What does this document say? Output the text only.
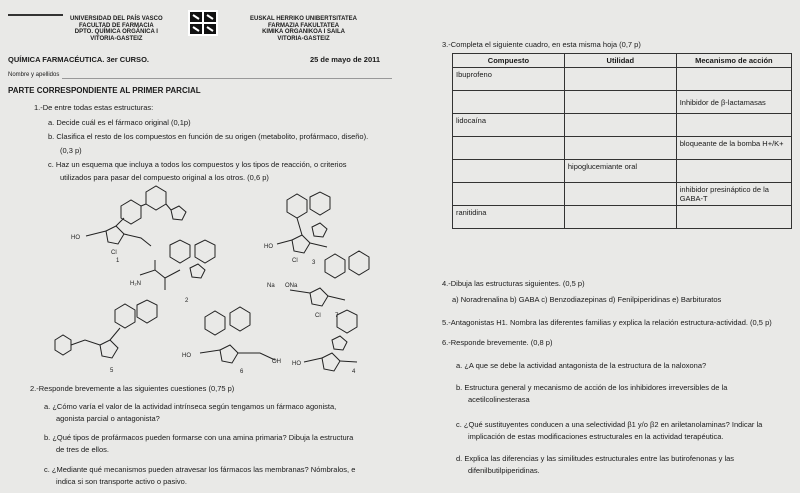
UNIVERSIDAD DEL PAÍS VASCO
FACULTAD DE FARMACIA
DPTO. QUÍMICA ORGÁNICA I
VITORIA-GASTEIZ
EUSKAL HERRIKO UNIBERTSITATEA
FARMAZIA FAKULTATEA
KIMIKA ORGANIKOA I SAILA
VITORIA-GASTEIZ
QUÍMICA FARMACÉUTICA. 3er CURSO.	25 de mayo de 2011
Nombre y apellidos
PARTE CORRESPONDIENTE AL PRIMER PARCIAL
1.-De entre todas estas estructuras:
a. Decide cuál es el fármaco original (0,1p)
b. Clasifica el resto de los compuestos en función de su origen (metabolito, profármaco, diseño).
(0,3 p)
c. Haz un esquema que incluya a todos los compuestos y los tipos de reacción, o criterios
utilizados para pasar del compuesto original a los otros. (0,6 p)
HO
Cl
1
H₂N
2
HO
Cl 3
Na ONa
Cl 7
5
HO
OH
6
HO
4
2.-Responde brevemente a las siguientes cuestiones (0,75 p)
a. ¿Cómo varía el valor de la actividad intrínseca según tengamos un fármaco agonista,
agonista parcial o antagonista?
b. ¿Qué tipos de profármacos pueden formarse con una amina primaria? Dibuja la estructura
de tres de ellos.
c. ¿Mediante qué mecanismos pueden atravesar los fármacos las membranas? Nómbralos, e
indica si son transporte activo o pasivo.
3.-Completa el siguiente cuadro, en esta misma hoja (0,7 p)
Compuesto	Utilidad	Mecanismo de acción
Ibuprofeno		
		Inhibidor de β-lactamasas
lidocaína		
		bloqueante de la bomba H+/K+
	hipoglucemiante oral	
		inhibidor presináptico de la GABA-T
ranitidina		
4.-Dibuja las estructuras siguientes. (0,5 p)
a) Noradrenalina b) GABA c) Benzodiazepinas d) Fenilpiperidinas e) Barbituratos
5.-Antagonistas H1. Nombra las diferentes familias y explica la relación estructura-actividad. (0,5 p)
6.-Responde brevemente. (0,8 p)
a. ¿A que se debe la actividad antagonista de la estructura de la naloxona?
b. Estructura general y mecanismo de acción de los inhibidores irreversibles de la
acetilcolinesterasa
c. ¿Qué sustituyentes conducen a una selectividad β1 y/o β2 en ariletanolaminas? Indicar la
implicación de estas modificaciones estructurales en la actividad terapéutica.
d. Explica las diferencias y las similitudes estructurales entre las butirofenonas y las
difenilbutilpiperidinas.
